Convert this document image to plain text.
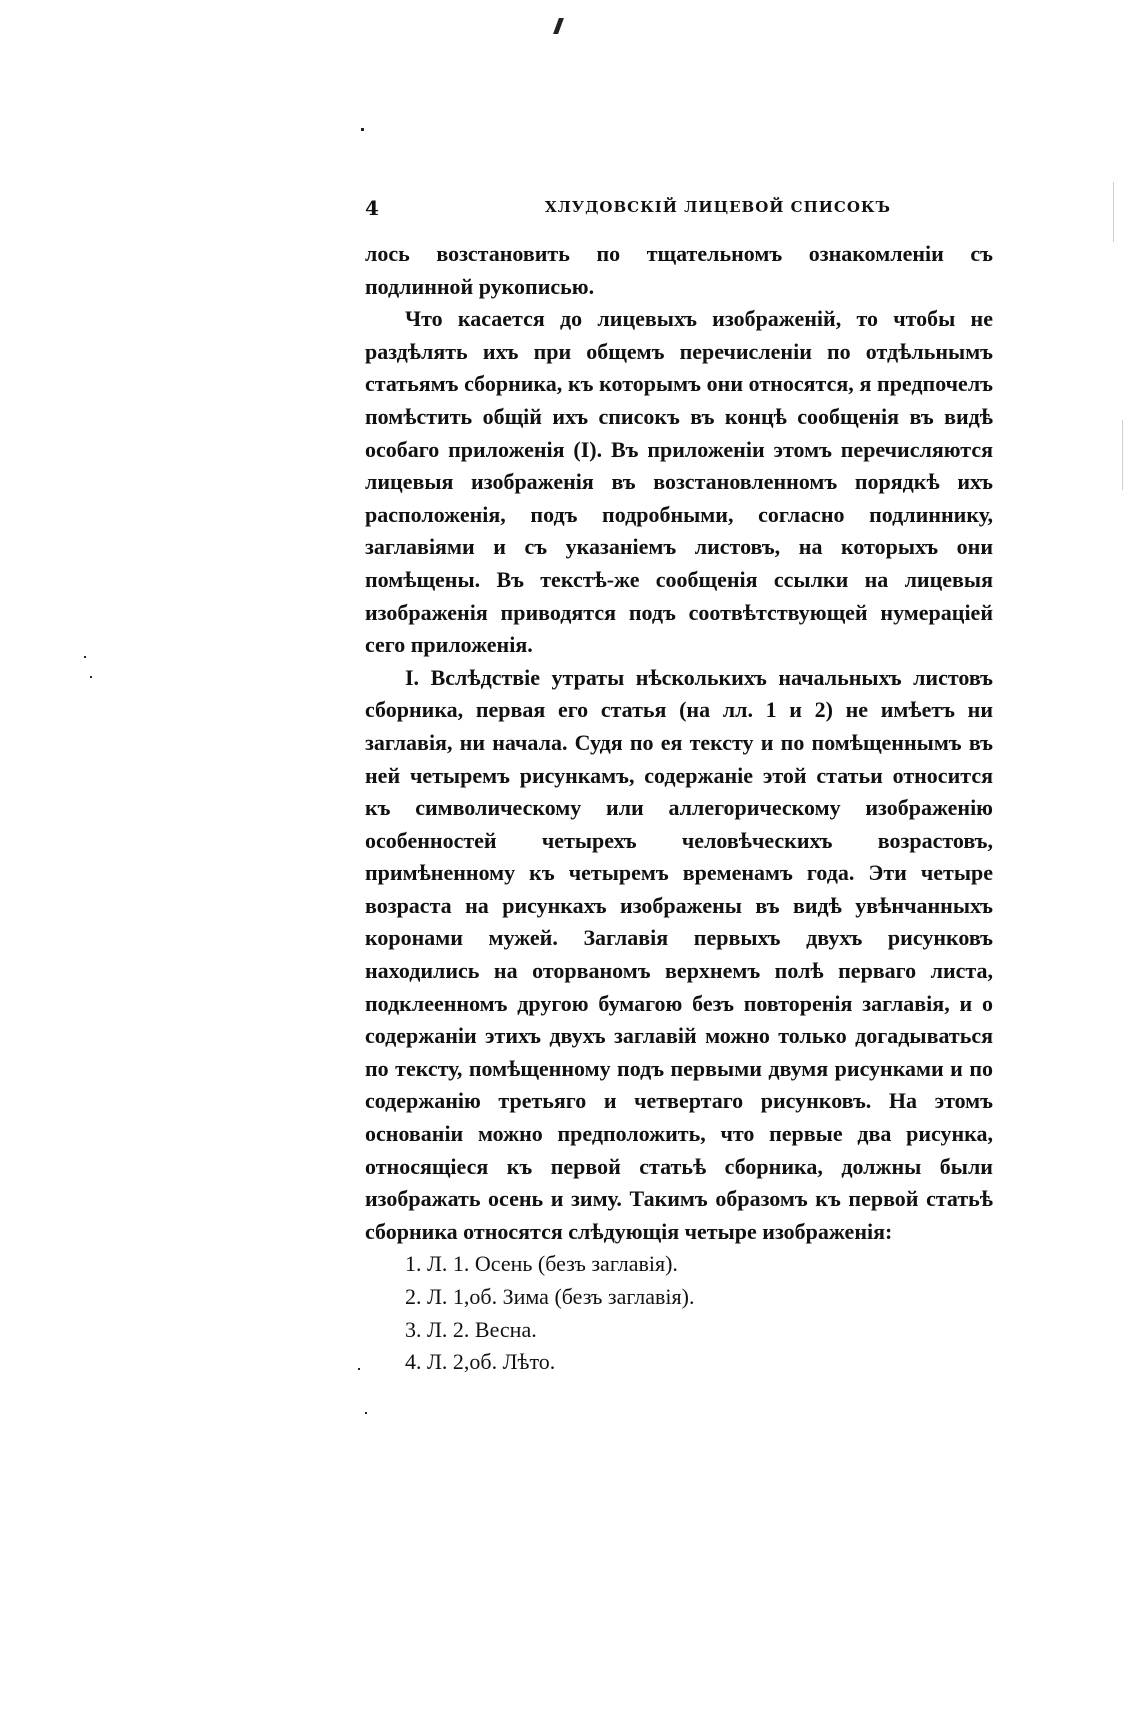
4	ХЛУДОВСКІЙ ЛИЦЕВОЙ СПИСОКЪ

лось возстановить по тщательномъ ознакомленіи съ подлинной рукописью.

Что касается до лицевыхъ изображеній, то чтобы не раздѣлять ихъ при общемъ перечисленіи по отдѣльнымъ статьямъ сборника, къ которымъ они относятся, я предпочелъ помѣстить общій ихъ списокъ въ концѣ сообщенія въ видѣ особаго приложенія (I). Въ приложеніи этомъ перечисляются лицевыя изображенія въ возстановленномъ порядкѣ ихъ расположенія, подъ подробными, согласно подлиннику, заглавіями и съ указаніемъ листовъ, на которыхъ они помѣщены. Въ текстѣ-же сообщенія ссылки на лицевыя изображенія приводятся подъ соотвѣтствующей нумераціей сего приложенія.

I. Вслѣдствіе утраты нѣсколькихъ начальныхъ листовъ сборника, первая его статья (на лл. 1 и 2) не имѣетъ ни заглавія, ни начала. Судя по ея тексту и по помѣщеннымъ въ ней четыремъ рисункамъ, содержаніе этой статьи относится къ символическому или аллегорическому изображенію особенностей четырехъ человѣческихъ возрастовъ, примѣненному къ четыремъ временамъ года. Эти четыре возраста на рисункахъ изображены въ видѣ увѣнчанныхъ коронами мужей. Заглавія первыхъ двухъ рисунковъ находились на оторваномъ верхнемъ полѣ перваго листа, подклеенномъ другою бумагою безъ повторенія заглавія, и о содержаніи этихъ двухъ заглавій можно только догадываться по тексту, помѣщенному подъ первыми двумя рисунками и по содержанію третьяго и четвертаго рисунковъ. На этомъ основаніи можно предположить, что первые два рисунка, относящіеся къ первой статьѣ сборника, должны были изображать осень и зиму. Такимъ образомъ къ первой статьѣ сборника относятся слѣдующія четыре изображенія:

1. Л. 1. Осень (безъ заглавія).
2. Л. 1,об. Зима (безъ заглавія).
3. Л. 2. Весна.
4. Л. 2,об. Лѣто.
